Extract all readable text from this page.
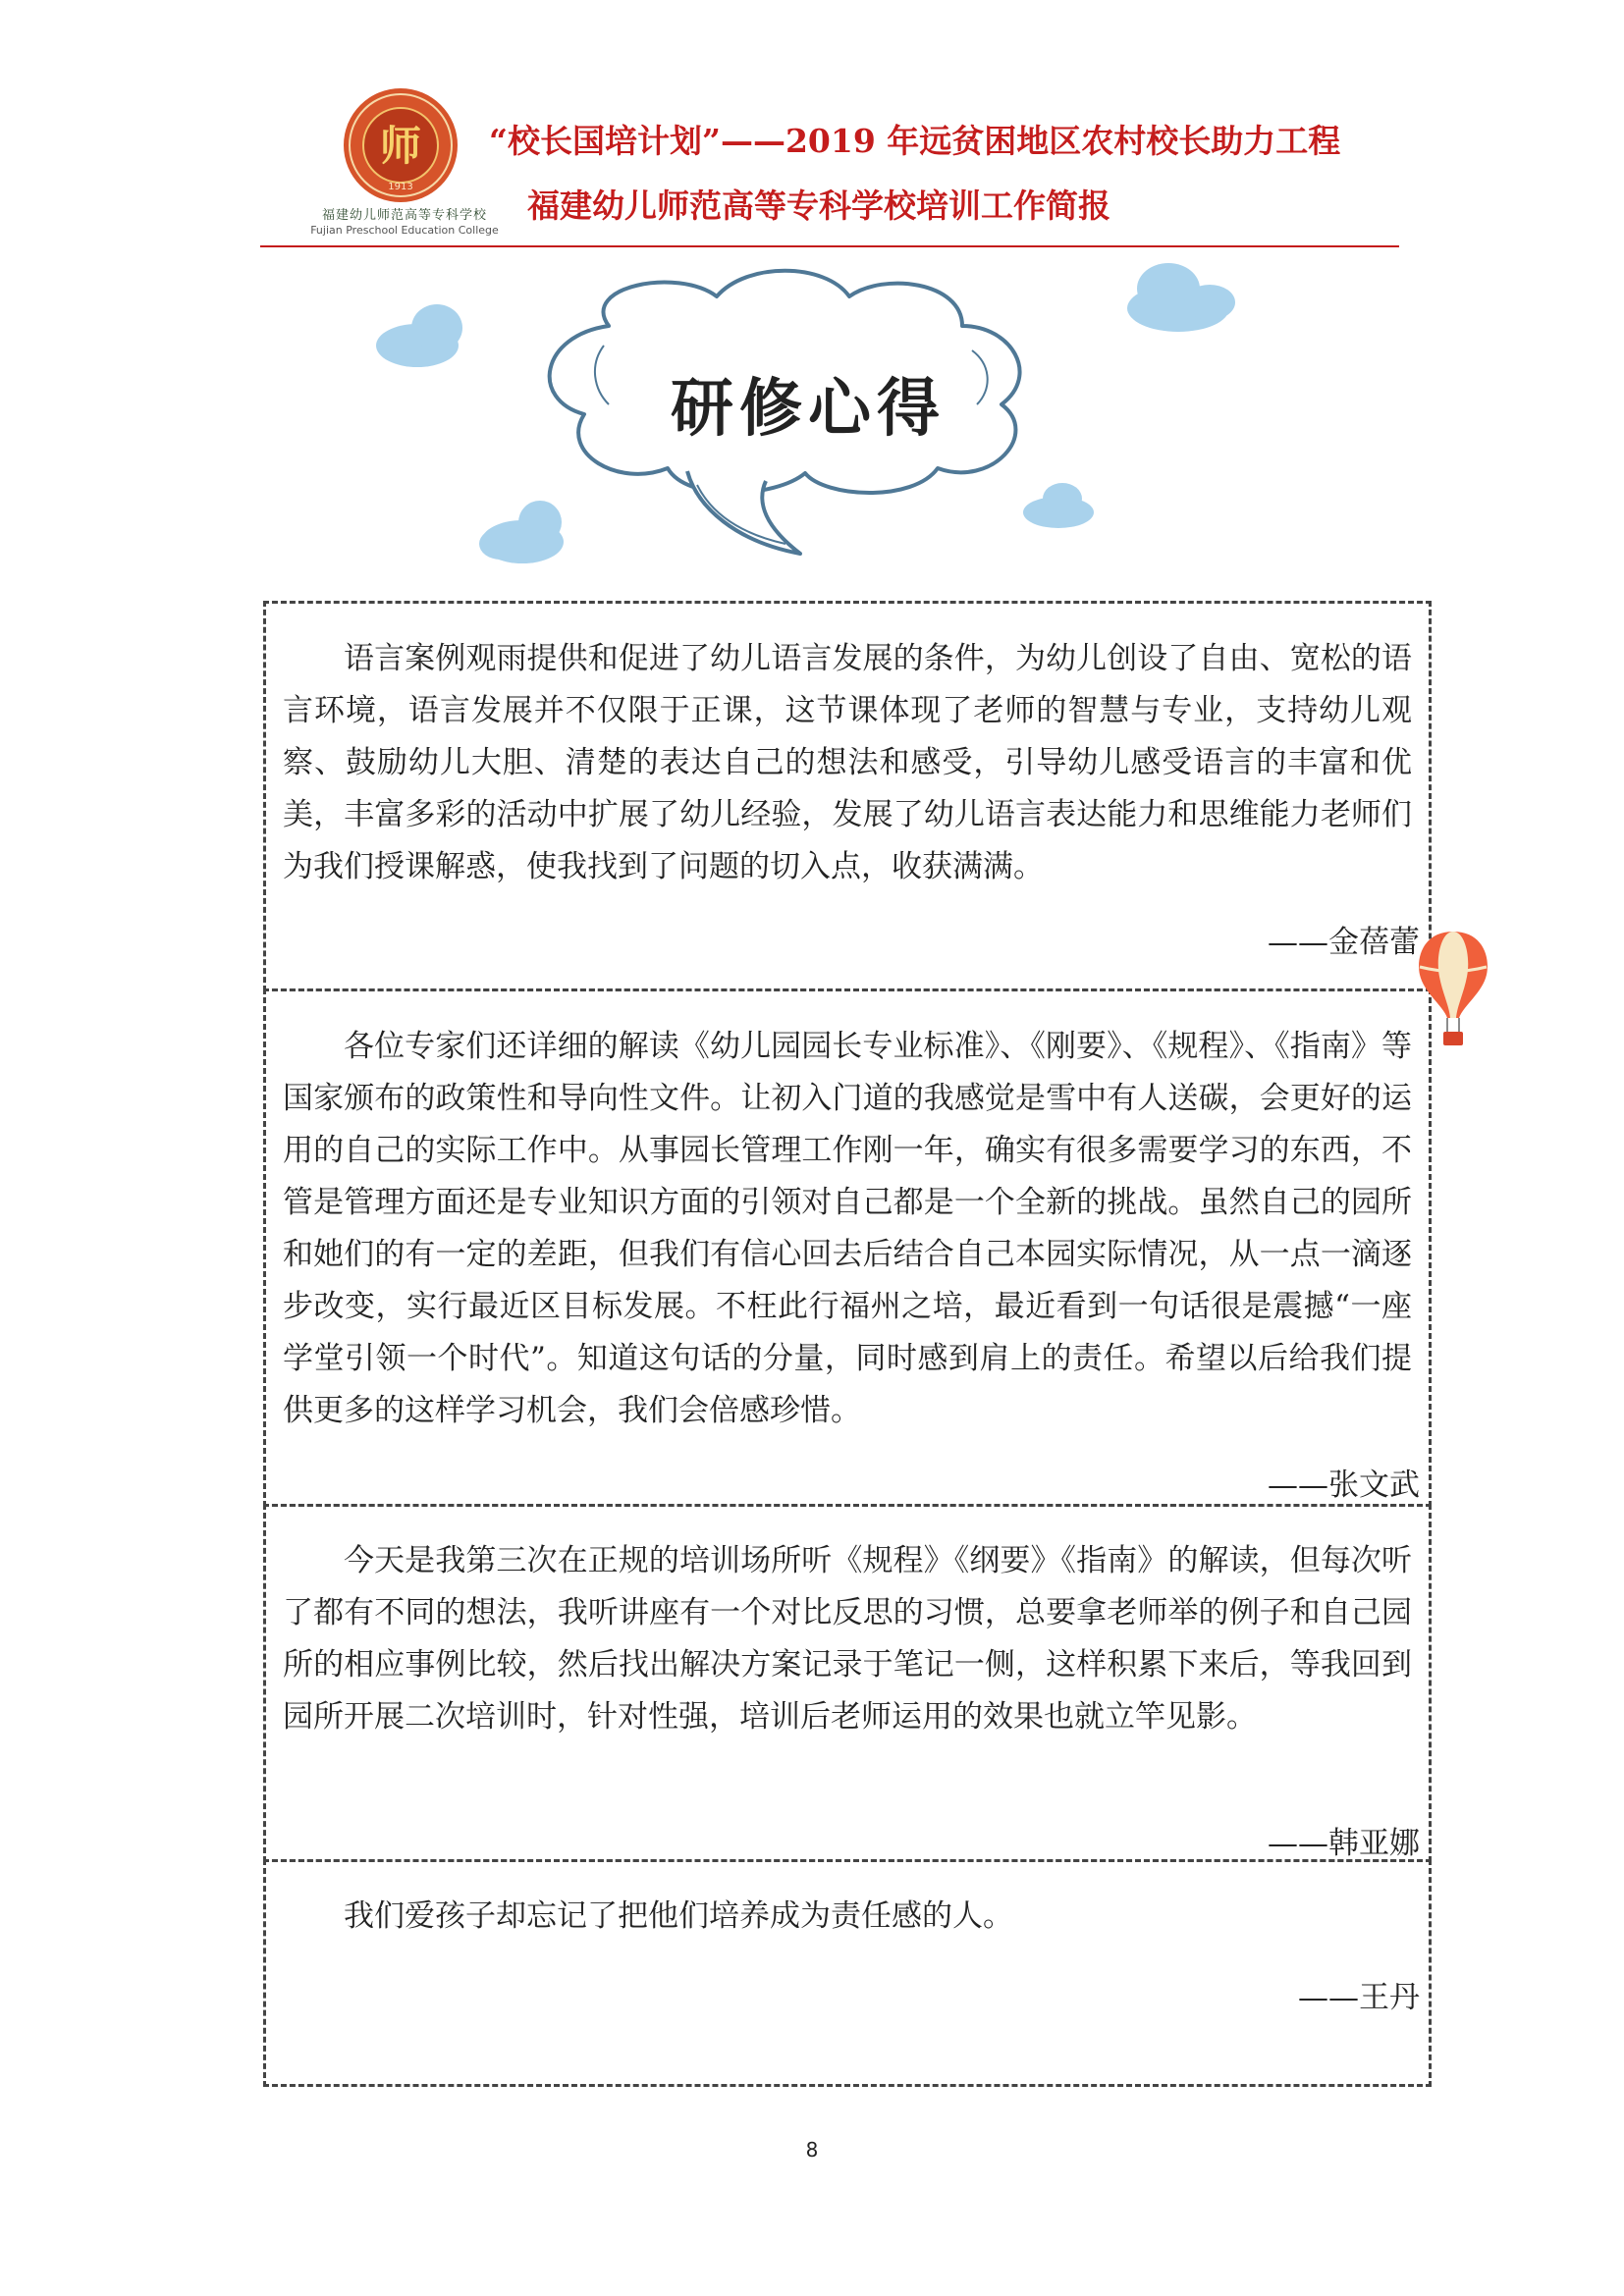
师
1913
福建幼儿师范高等专科学校
Fujian Preschool Education College
“校长国培计划”——2019 年远贫困地区农村校长助力工程
福建幼儿师范高等专科学校培训工作简报
研修心得

语言案例观雨提供和促进了幼儿语言发展的条件，为幼儿创设了自由、宽松的语言环境，语言发展并不仅限于正课，这节课体现了老师的智慧与专业，支持幼儿观察、鼓励幼儿大胆、清楚的表达自己的想法和感受，引导幼儿感受语言的丰富和优美，丰富多彩的活动中扩展了幼儿经验，发展了幼儿语言表达能力和思维能力老师们为我们授课解惑，使我找到了问题的切入点，收获满满。

——金蓓蕾

各位专家们还详细的解读《幼儿园园长专业标准》、《刚要》、《规程》、《指南》等国家颁布的政策性和导向性文件。让初入门道的我感觉是雪中有人送碳，会更好的运用的自己的实际工作中。从事园长管理工作刚一年，确实有很多需要学习的东西，不管是管理方面还是专业知识方面的引领对自己都是一个全新的挑战。虽然自己的园所和她们的有一定的差距，但我们有信心回去后结合自己本园实际情况，从一点一滴逐步改变，实行最近区目标发展。不枉此行福州之培，最近看到一句话很是震撼“一座学堂引领一个时代”。知道这句话的分量，同时感到肩上的责任。希望以后给我们提供更多的这样学习机会，我们会倍感珍惜。

——张文武

今天是我第三次在正规的培训场所听《规程》《纲要》《指南》的解读，但每次听了都有不同的想法，我听讲座有一个对比反思的习惯，总要拿老师举的例子和自己园所的相应事例比较，然后找出解决方案记录于笔记一侧，这样积累下来后，等我回到园所开展二次培训时，针对性强，培训后老师运用的效果也就立竿见影。

——韩亚娜

我们爱孩子却忘记了把他们培养成为责任感的人。

——王丹
8
